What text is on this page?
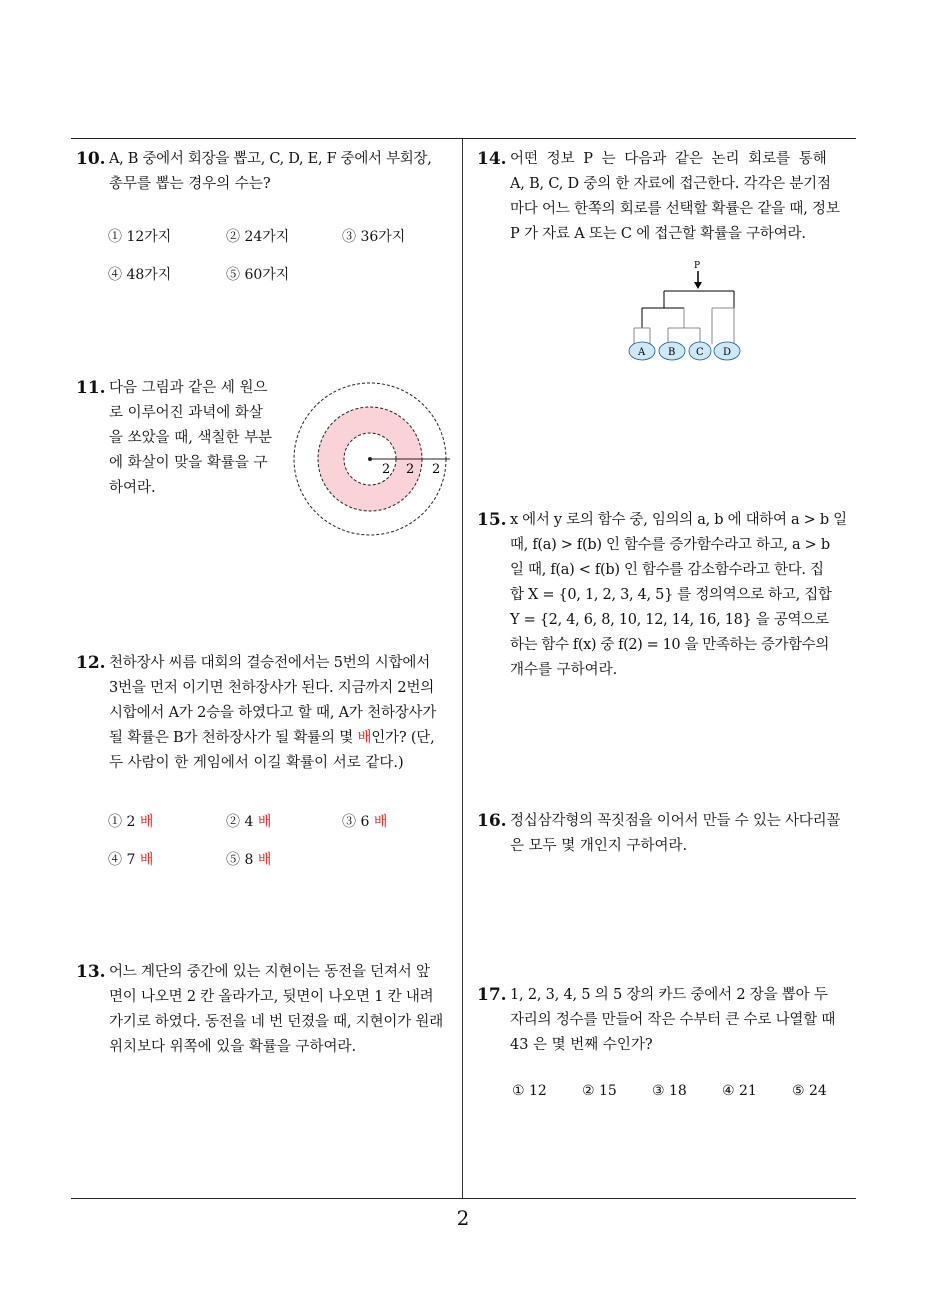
2
10. A, B 중에서 회장을 뽑고, C, D, E, F 중에서 부회장,
총무를 뽑는 경우의 수는?
① 12가지	② 24가지	③ 36가지
④ 48가지	⑤ 60가지
11. 다음 그림과 같은 세 원으
로 이루어진 과녁에 화살
을 쏘았을 때, 색칠한 부분
에 화살이 맞을 확률을 구
하여라.
2 2 2
12. 천하장사 씨름 대회의 결승전에서는 5번의 시합에서
3번을 먼저 이기면 천하장사가 된다. 지금까지 2번의
시합에서 A가 2승을 하였다고 할 때, A가 천하장사가
될 확률은 B가 천하장사가 될 확률의 몇 배인가? (단,
두 사람이 한 게임에서 이길 확률이 서로 같다.)
① 2 배	② 4 배	③ 6 배
④ 7 배	⑤ 8 배
13. 어느 계단의 중간에 있는 지현이는 동전을 던져서 앞
면이 나오면 2 칸 올라가고, 뒷면이 나오면 1 칸 내려
가기로 하였다. 동전을 네 번 던졌을 때, 지현이가 원래
위치보다 위쪽에 있을 확률을 구하여라.
14. 어떤 정보 P 는 다음과 같은 논리 회로를 통해
A, B, C, D 중의 한 자료에 접근한다. 각각은 분기점
마다 어느 한쪽의 회로를 선택할 확률은 같을 때, 정보
P 가 자료 A 또는 C 에 접근할 확률을 구하여라.
P
A B C D
15. x 에서 y 로의 함수 중, 임의의 a, b 에 대하여 a > b 일
때, f(a) > f(b) 인 함수를 증가함수라고 하고, a > b
일 때, f(a) < f(b) 인 함수를 감소함수라고 한다. 집
합 X = {0, 1, 2, 3, 4, 5} 를 정의역으로 하고, 집합
Y = {2, 4, 6, 8, 10, 12, 14, 16, 18} 을 공역으로
하는 함수 f(x) 중 f(2) = 10 을 만족하는 증가함수의
개수를 구하여라.
16. 정십삼각형의 꼭짓점을 이어서 만들 수 있는 사다리꼴
은 모두 몇 개인지 구하여라.
17. 1, 2, 3, 4, 5 의 5 장의 카드 중에서 2 장을 뽑아 두
자리의 정수를 만들어 작은 수부터 큰 수로 나열할 때
43 은 몇 번째 수인가?
① 12	② 15	③ 18	④ 21	⑤ 24
